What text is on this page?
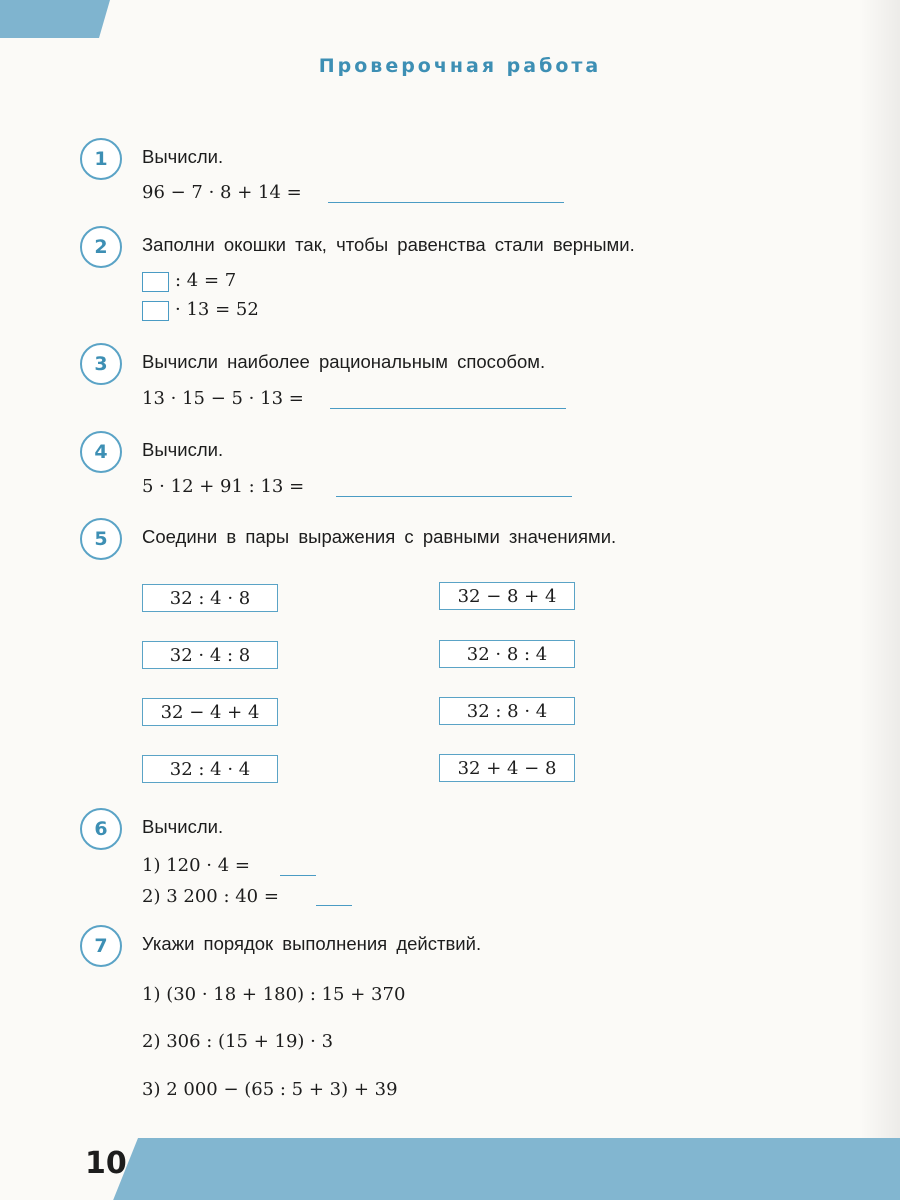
Проверочная работа
1	Вычисли.
96 − 7 · 8 + 14 =
2	Заполни окошки так, чтобы равенства стали верными.
: 4 = 7
· 13 = 52
3	Вычисли наиболее рациональным способом.
13 · 15 − 5 · 13 =
4	Вычисли.
5 · 12 + 91 : 13 =
5	Соедини в пары выражения с равными значениями.
32 : 4 · 8
32 · 4 : 8
32 − 4 + 4
32 : 4 · 4
32 − 8 + 4
32 · 8 : 4
32 : 8 · 4
32 + 4 − 8
6	Вычисли.
1) 120 · 4 =
2) 3 200 : 40 =
7	Укажи порядок выполнения действий.
1) (30 · 18 + 180) : 15 + 370
2) 306 : (15 + 19) · 3
3) 2 000 − (65 : 5 + 3) + 39
10
